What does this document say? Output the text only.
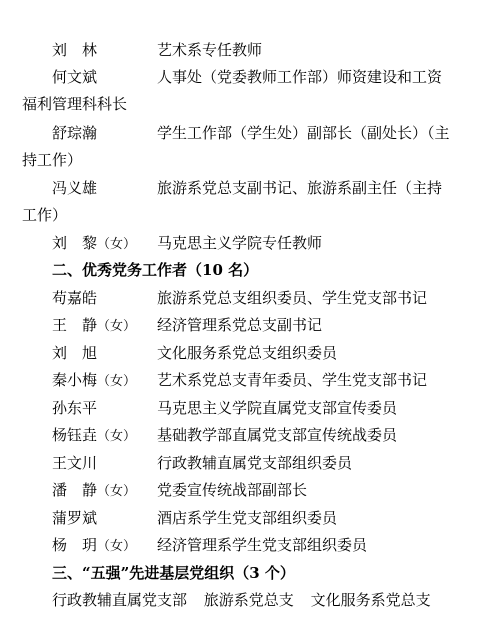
刘　林	艺术系专任教师
何文斌	人事处（党委教师工作部）师资建设和工资
福利管理科科长
舒琮瀚	学生工作部（学生处）副部长（副处长）（主
持工作）
冯义雄	旅游系党总支副书记、旅游系副主任（主持
工作）
刘　黎（女） 马克思主义学院专任教师
二、优秀党务工作者（10 名）
苟嘉皓	旅游系党总支组织委员、学生党支部书记
王　静（女） 经济管理系党总支副书记
刘　旭	文化服务系党总支组织委员
秦小梅（女） 艺术系党总支青年委员、学生党支部书记
孙东平	马克思主义学院直属党支部宣传委员
杨钰垚（女） 基础教学部直属党支部宣传统战委员
王文川	行政教辅直属党支部组织委员
潘　静（女） 党委宣传统战部副部长
蒲罗斌	酒店系学生党支部组织委员
杨　玥（女） 经济管理系学生党支部组织委员
三、“五强”先进基层党组织（3 个）
行政教辅直属党支部 旅游系党总支 文化服务系党总支
